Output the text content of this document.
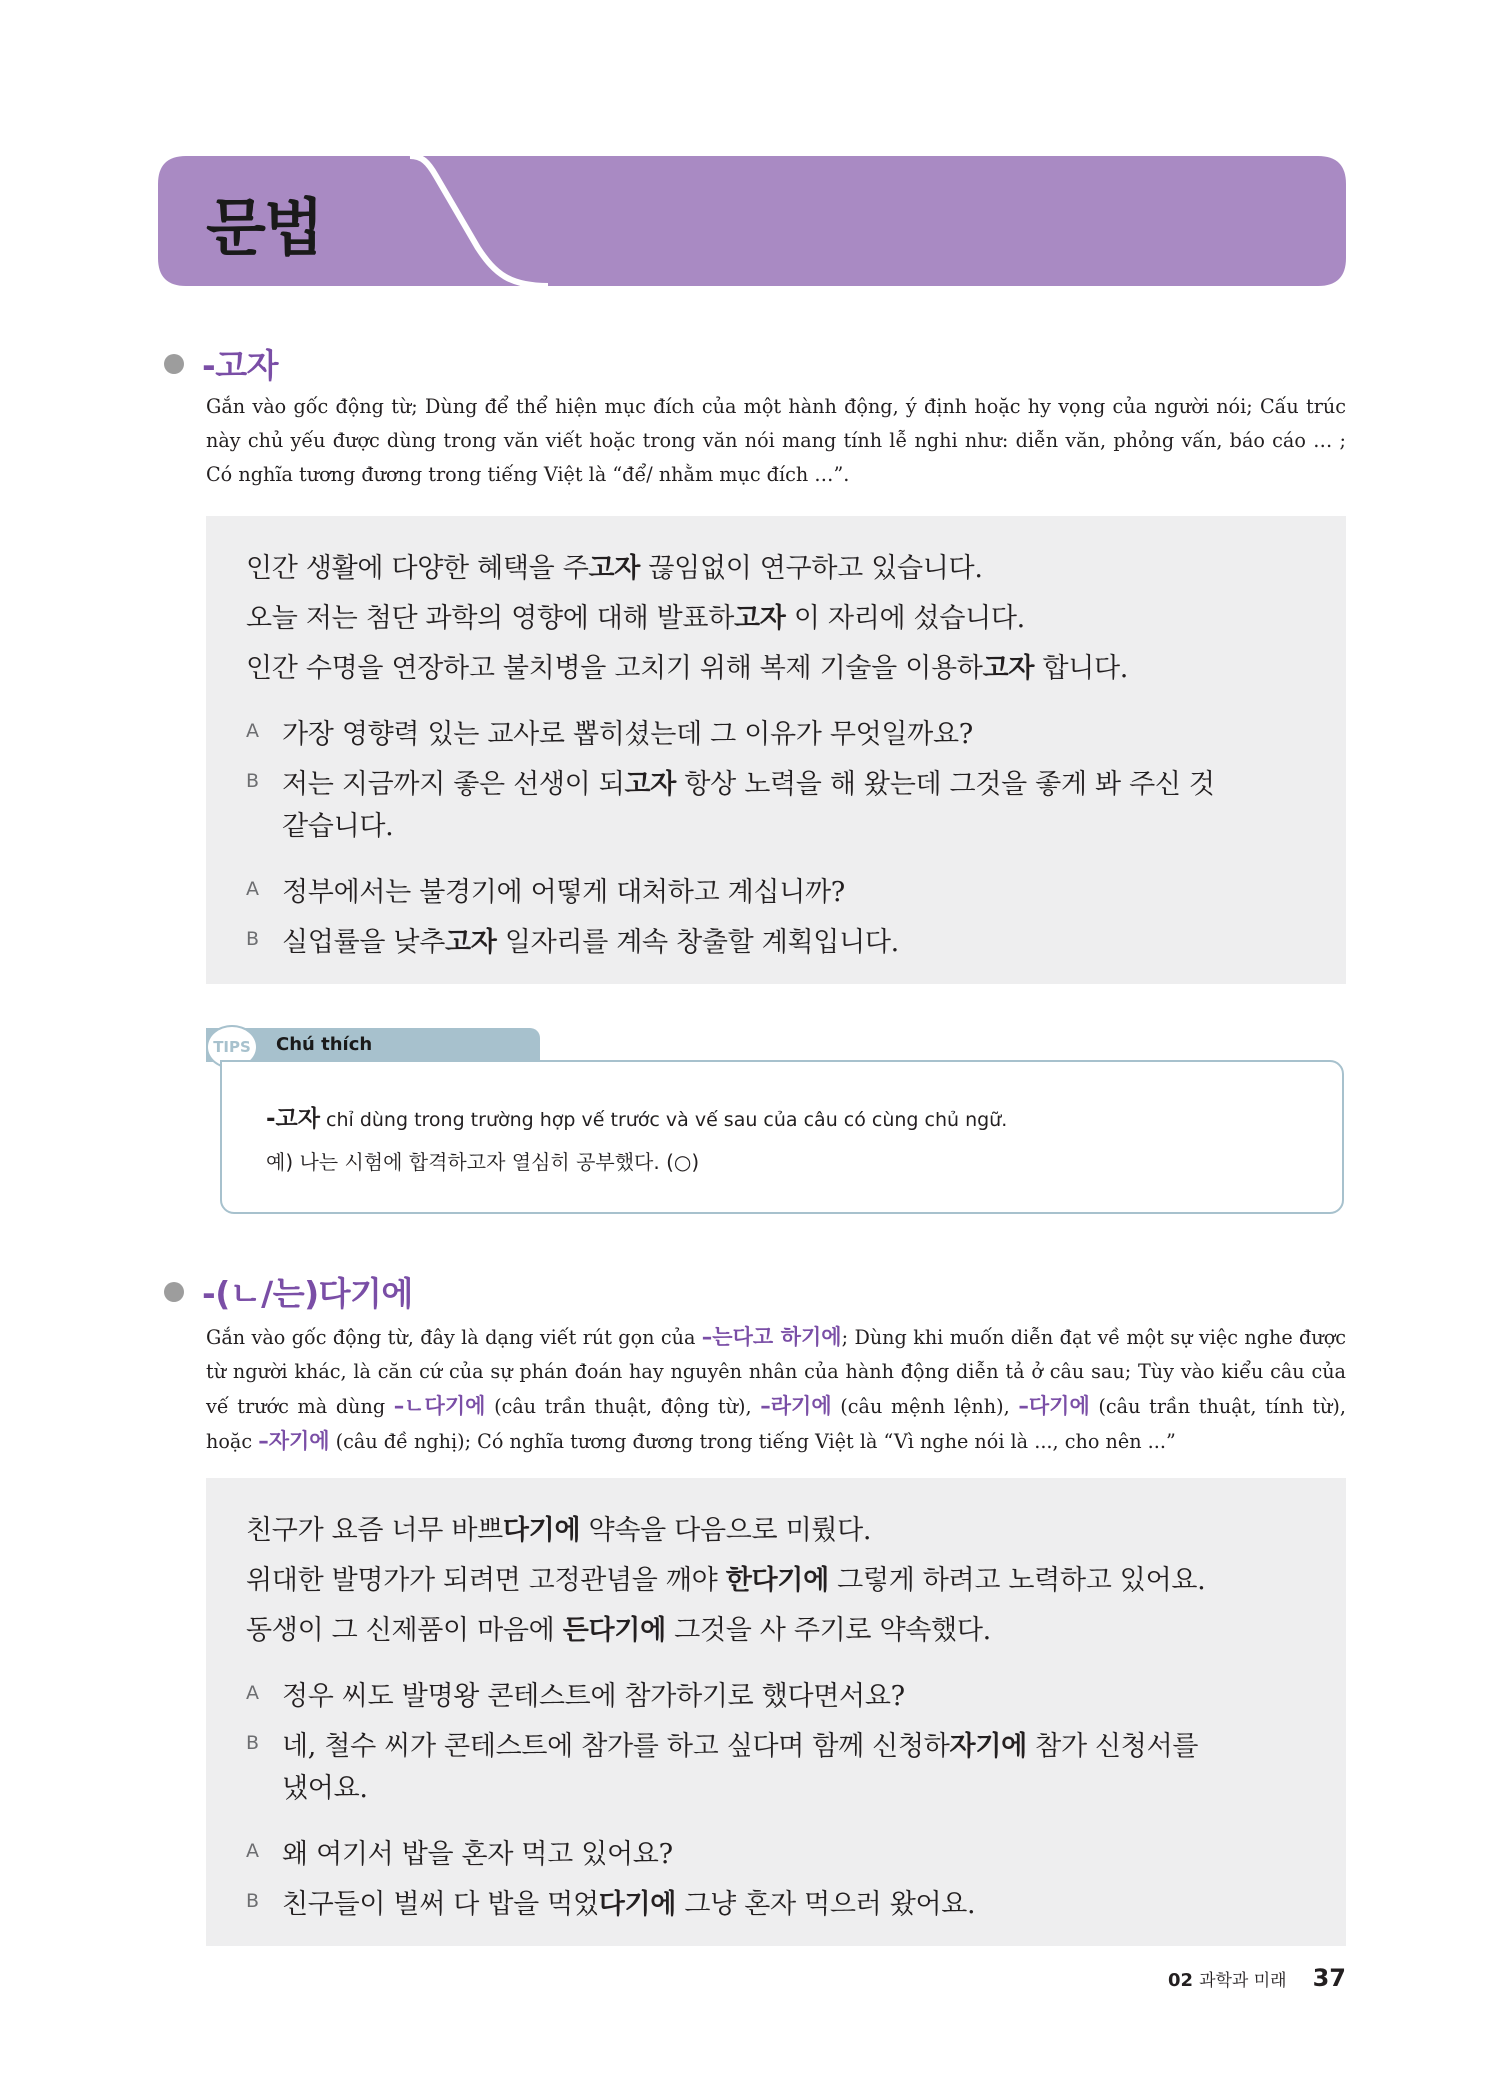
문법
-고자

Gắn vào gốc động từ; Dùng để thể hiện mục đích của một hành động, ý định hoặc hy vọng của người nói; Cấu trúc này chủ yếu được dùng trong văn viết hoặc trong văn nói mang tính lễ nghi như: diễn văn, phỏng vấn, báo cáo … ; Có nghĩa tương đương trong tiếng Việt là “để/ nhằm mục đích …”.

인간 생활에 다양한 혜택을 주고자 끊임없이 연구하고 있습니다.
오늘 저는 첨단 과학의 영향에 대해 발표하고자 이 자리에 섰습니다.
인간 수명을 연장하고 불치병을 고치기 위해 복제 기술을 이용하고자 합니다.
A 가장 영향력 있는 교사로 뽑히셨는데 그 이유가 무엇일까요?
B 저는 지금까지 좋은 선생이 되고자 항상 노력을 해 왔는데 그것을 좋게 봐 주신 것
같습니다.
A 정부에서는 불경기에 어떻게 대처하고 계십니까?
B 실업률을 낮추고자 일자리를 계속 창출할 계획입니다.
TIPS	Chú thích
-고자 chỉ dùng trong trường hợp vế trước và vế sau của câu có cùng chủ ngữ.
예) 나는 시험에 합격하고자 열심히 공부했다. (○)
-(ㄴ/는)다기에

Gắn vào gốc động từ, đây là dạng viết rút gọn của –는다고 하기에; Dùng khi muốn diễn đạt về một sự việc nghe được từ người khác, là căn cứ của sự phán đoán hay nguyên nhân của hành động diễn tả ở câu sau; Tùy vào kiểu câu của vế trước mà dùng –ㄴ다기에 (câu trần thuật, động từ), –라기에 (câu mệnh lệnh), –다기에 (câu trần thuật, tính từ), hoặc –자기에 (câu đề nghị); Có nghĩa tương đương trong tiếng Việt là “Vì nghe nói là ..., cho nên ...”

친구가 요즘 너무 바쁘다기에 약속을 다음으로 미뤘다.
위대한 발명가가 되려면 고정관념을 깨야 한다기에 그렇게 하려고 노력하고 있어요.
동생이 그 신제품이 마음에 든다기에 그것을 사 주기로 약속했다.
A 정우 씨도 발명왕 콘테스트에 참가하기로 했다면서요?
B 네, 철수 씨가 콘테스트에 참가를 하고 싶다며 함께 신청하자기에 참가 신청서를
냈어요.
A 왜 여기서 밥을 혼자 먹고 있어요?
B 친구들이 벌써 다 밥을 먹었다기에 그냥 혼자 먹으러 왔어요.
02 과학과 미래 37
